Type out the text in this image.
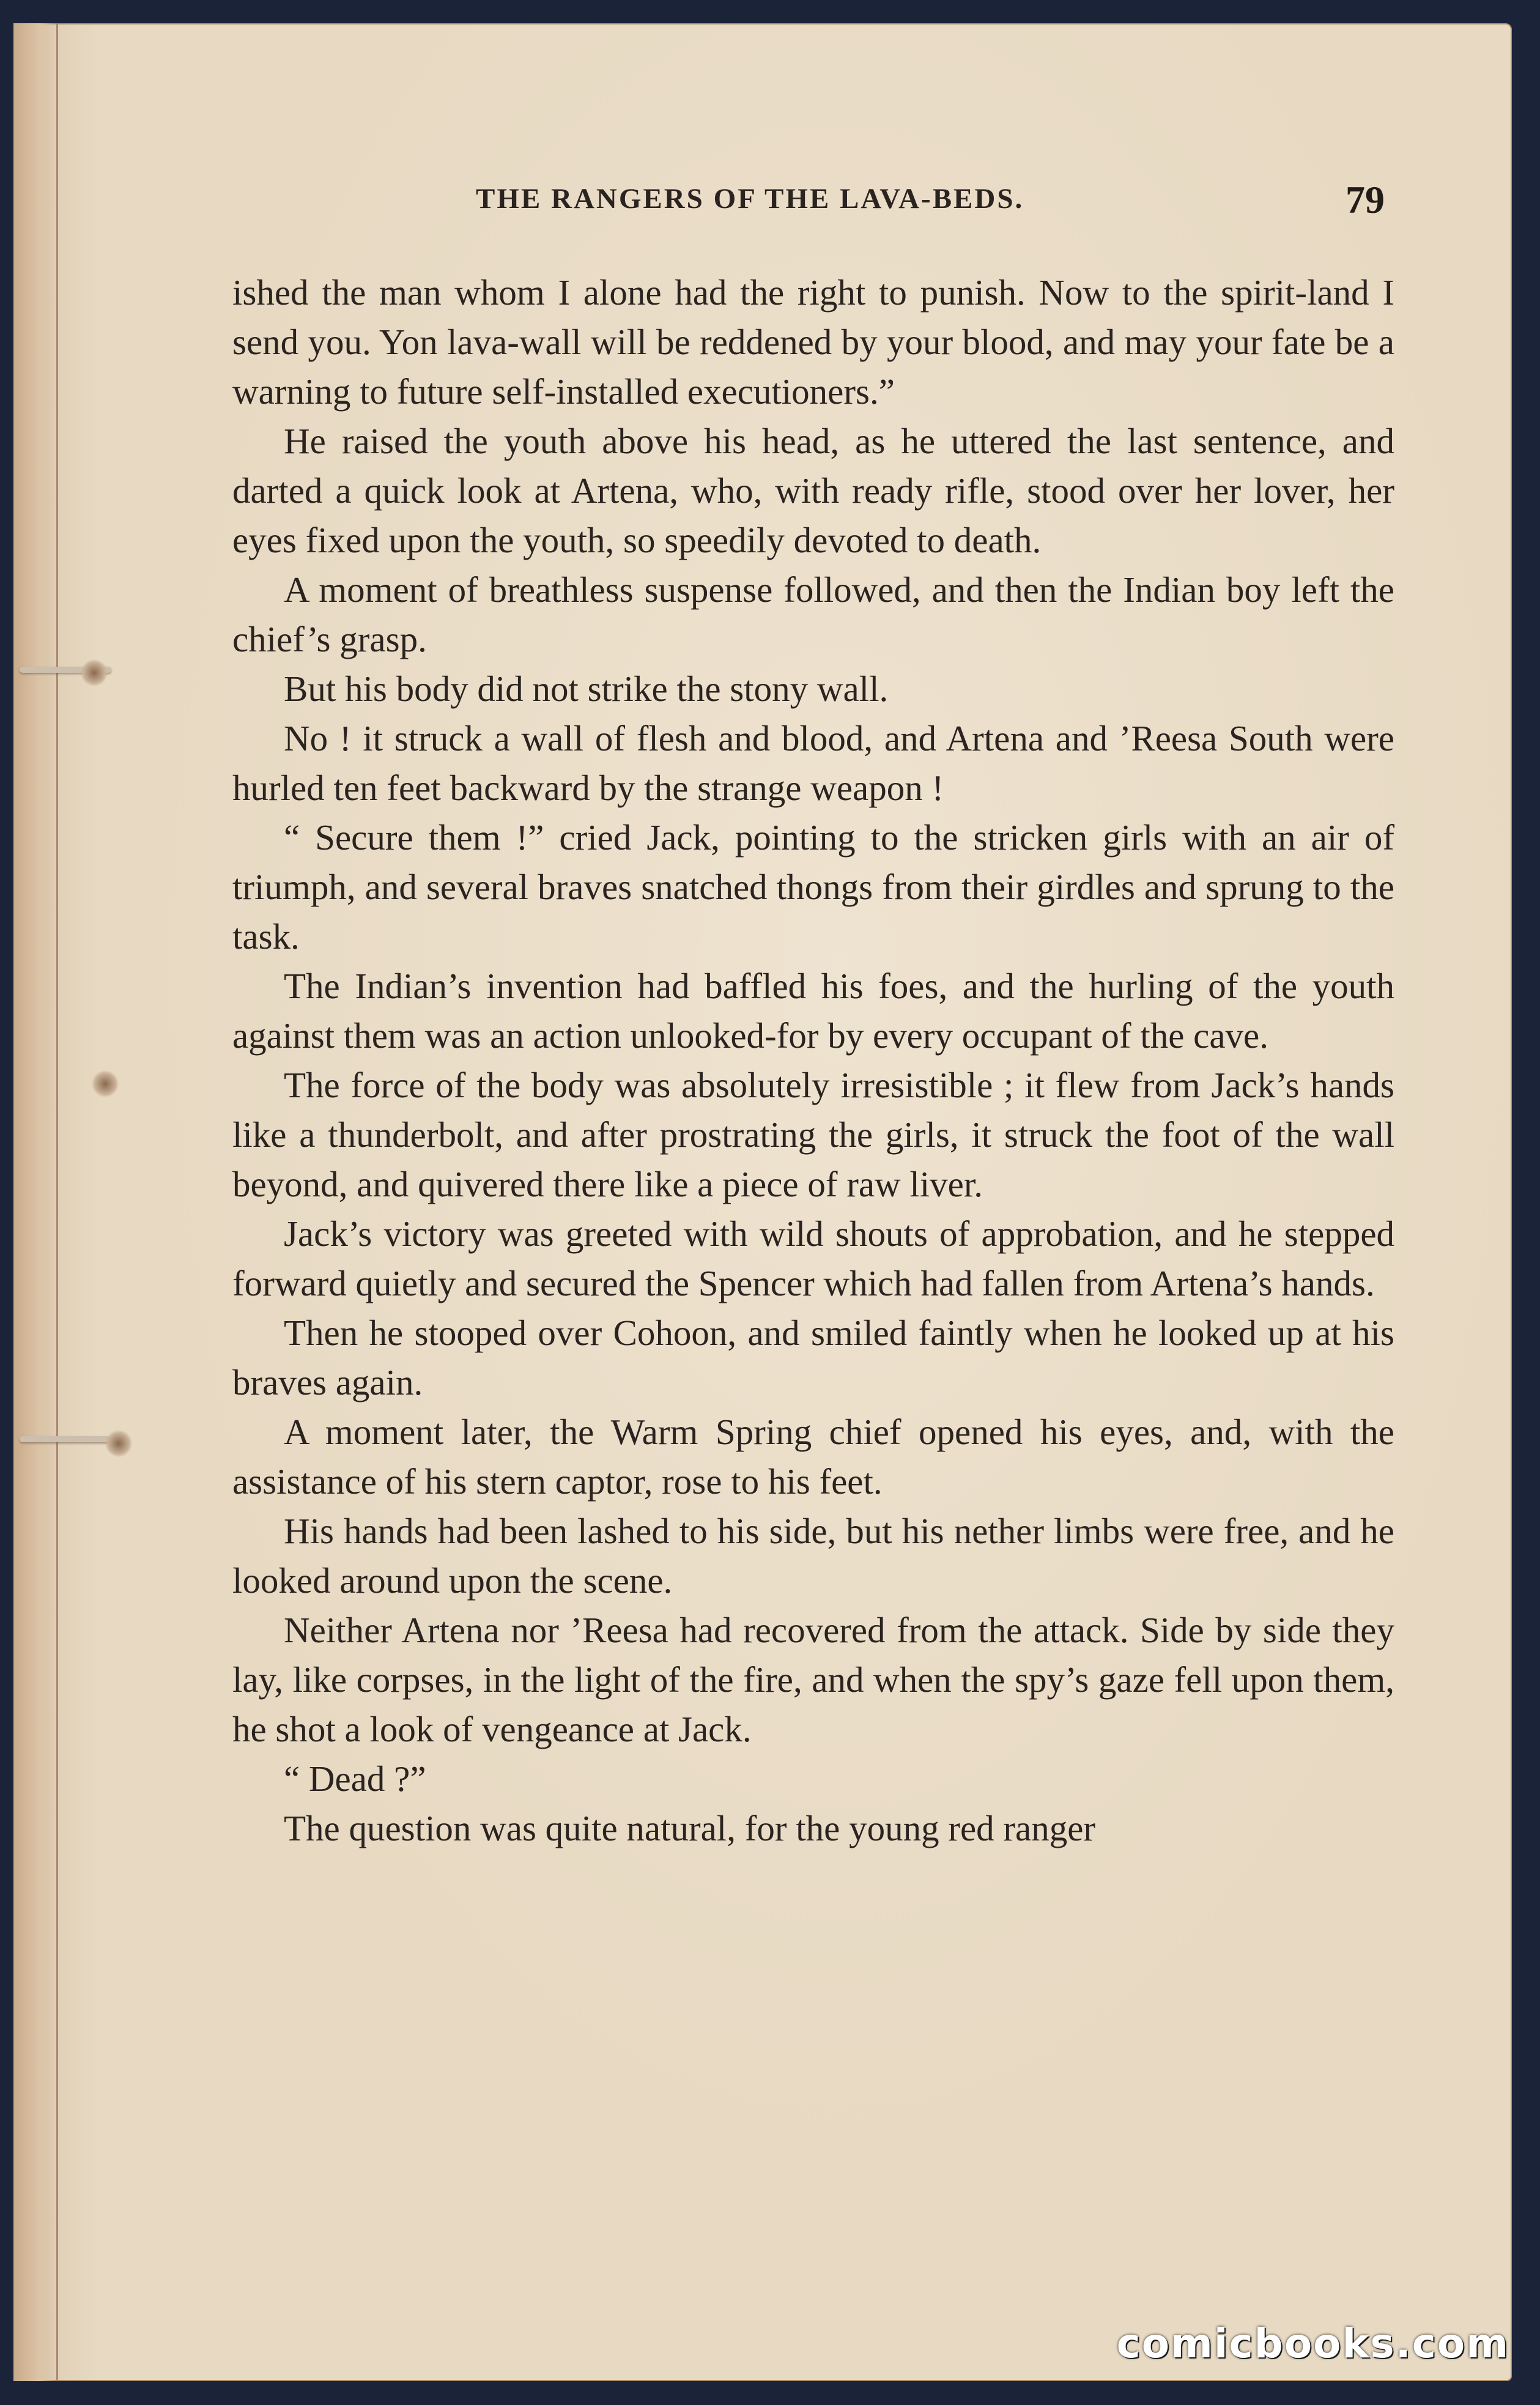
THE RANGERS OF THE LAVA-BEDS.	79

ished the man whom I alone had the right to punish. Now to the spirit-land I send you. Yon lava-wall will be reddened by your blood, and may your fate be a warning to future self-installed executioners.”

He raised the youth above his head, as he uttered the last sentence, and darted a quick look at Artena, who, with ready rifle, stood over her lover, her eyes fixed upon the youth, so speedily devoted to death.

A moment of breathless suspense followed, and then the Indian boy left the chief’s grasp.

But his body did not strike the stony wall.

No ! it struck a wall of flesh and blood, and Artena and ’Reesa South were hurled ten feet backward by the strange weapon !

“ Secure them !” cried Jack, pointing to the stricken girls with an air of triumph, and several braves snatched thongs from their girdles and sprung to the task.

The Indian’s invention had baffled his foes, and the hurling of the youth against them was an action unlooked-for by every occupant of the cave.

The force of the body was absolutely irresistible ; it flew from Jack’s hands like a thunderbolt, and after prostrating the girls, it struck the foot of the wall beyond, and quivered there like a piece of raw liver.

Jack’s victory was greeted with wild shouts of approbation, and he stepped forward quietly and secured the Spencer which had fallen from Artena’s hands.

Then he stooped over Cohoon, and smiled faintly when he looked up at his braves again.

A moment later, the Warm Spring chief opened his eyes, and, with the assistance of his stern captor, rose to his feet.

His hands had been lashed to his side, but his nether limbs were free, and he looked around upon the scene.

Neither Artena nor ’Reesa had recovered from the attack. Side by side they lay, like corpses, in the light of the fire, and when the spy’s gaze fell upon them, he shot a look of vengeance at Jack.

“ Dead ?”

The question was quite natural, for the young red ranger

comicbooks.com
